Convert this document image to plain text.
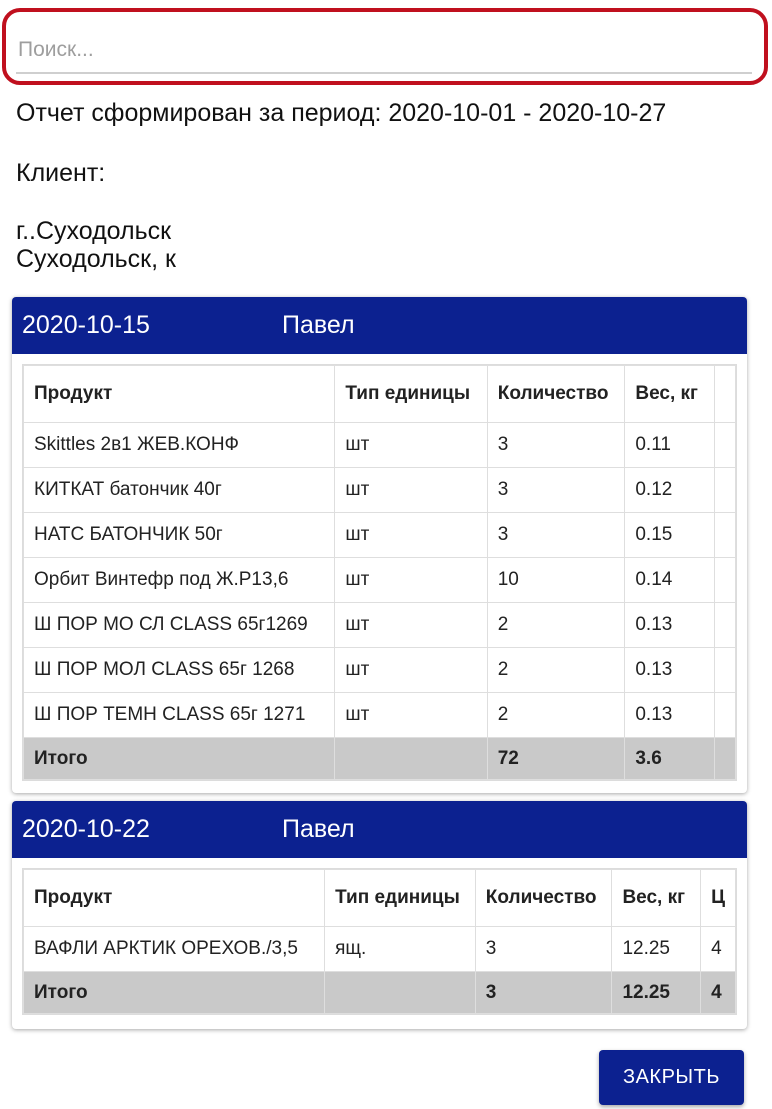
Поиск...
Отчет сформирован за период: 2020-10-01 - 2020-10-27
Клиент:
г..Суходольск
Суходольск, к
2020-10-15	Павел
Продукт	Тип единицы	Количество	Вес, кг	
Skittles 2в1 ЖЕВ.КОНФ	шт	3	0.11	
КИТКАТ батончик 40г	шт	3	0.12	
НАТС БАТОНЧИК 50г	шт	3	0.15	
Орбит Винтефр под Ж.Р13,6	шт	10	0.14	
Ш ПОР МО СЛ CLASS 65г1269	шт	2	0.13	
Ш ПОР МОЛ CLASS 65г 1268	шт	2	0.13	
Ш ПОР ТЕМН CLASS 65г 1271	шт	2	0.13	
Итого		72	3.6	
2020-10-22	Павел
Продукт	Тип единицы	Количество	Вес, кг	Ц
ВАФЛИ АРКТИК ОРЕХОВ./3,5	ящ.	3	12.25	4
Итого		3	12.25	4
ЗАКРЫТЬ
